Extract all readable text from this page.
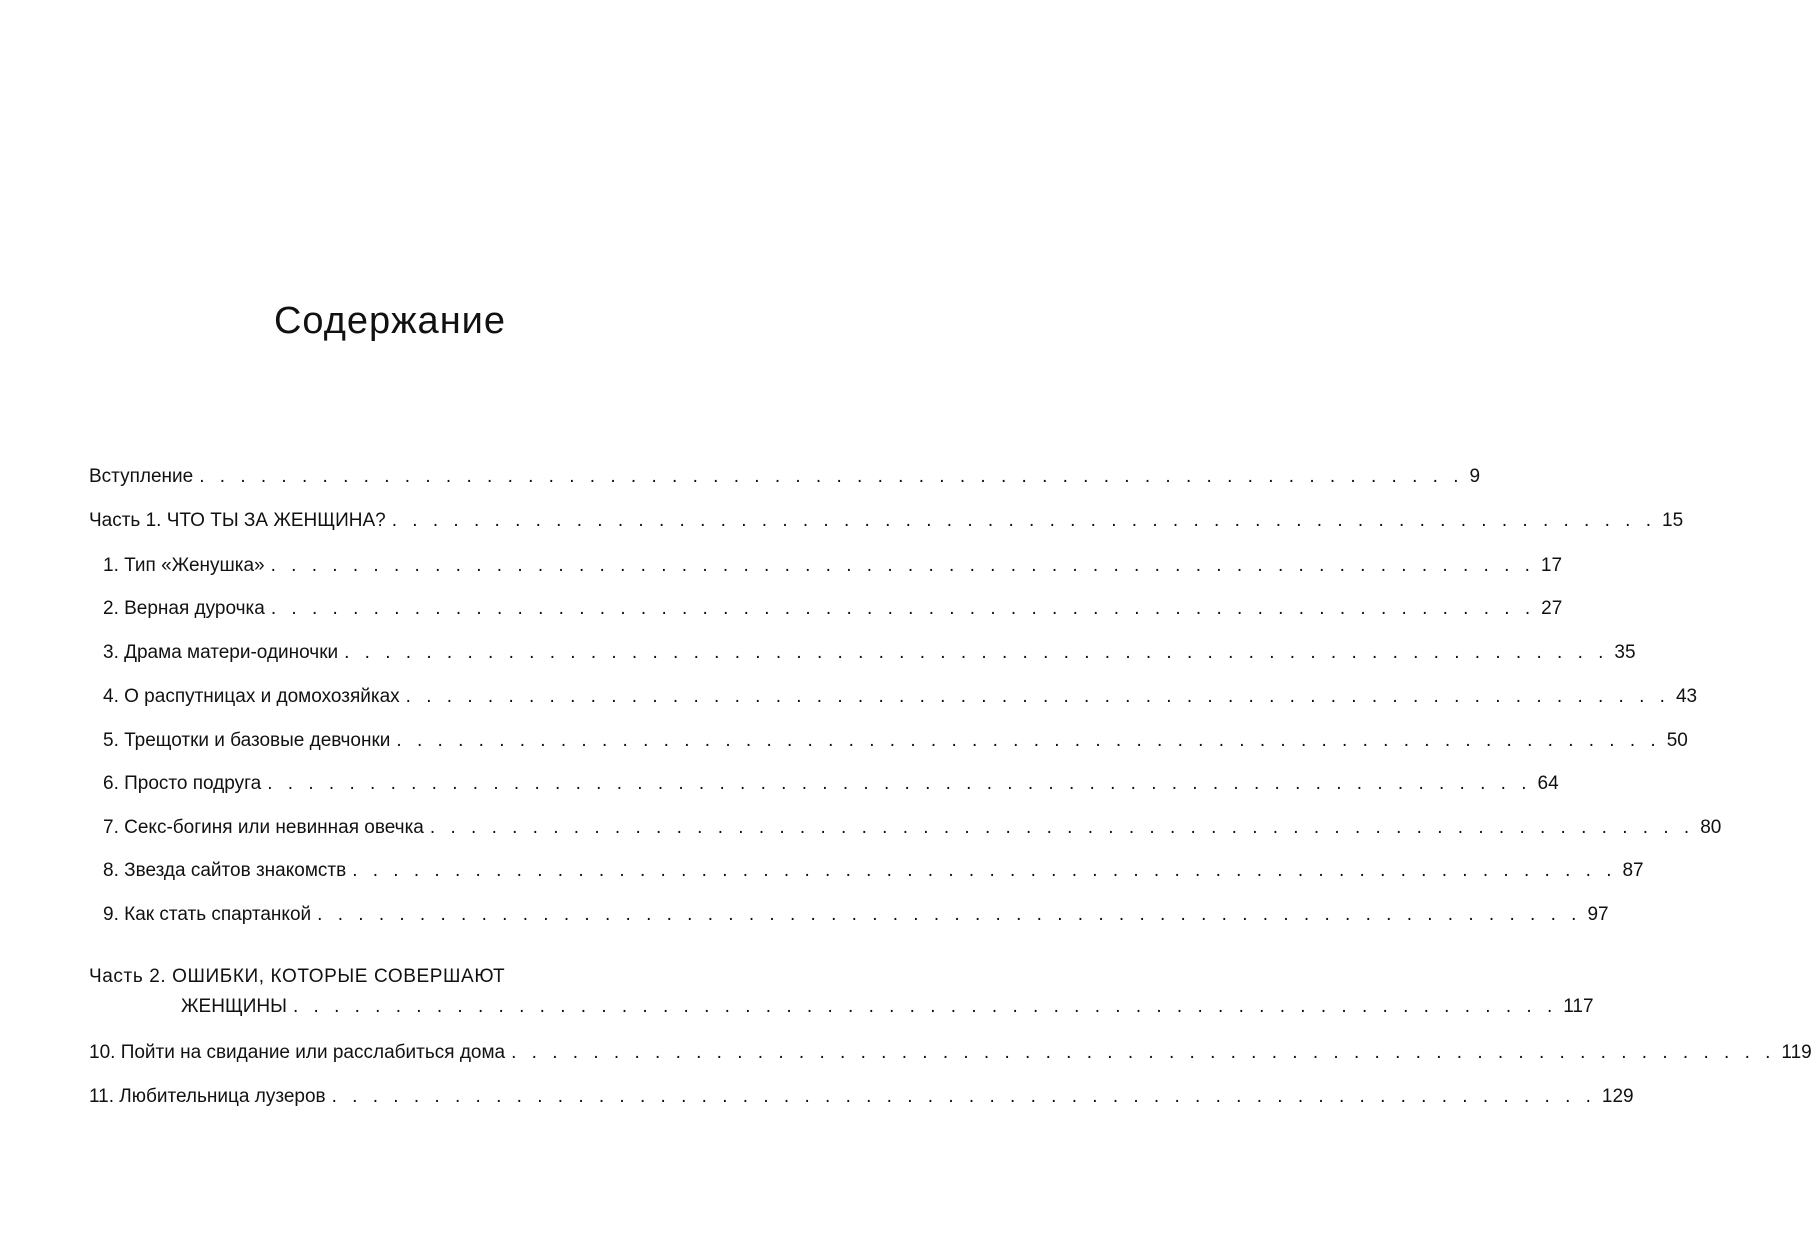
Содержание
Вступление . . . . . . . . . . . . . . . . . . . . . . . . . . . . . . . . . . . . . . . . . . . . . . . . . . . . . . . . . . . . . . 9
Часть 1. ЧТО ТЫ ЗА ЖЕНЩИНА? . . . . . . . . . . . . . . . . . . . . . . . . . . . . . . . . . . . . . . . . . . . . . . . . . . . . . . . . . . . . . . 15
1. Тип «Женушка» . . . . . . . . . . . . . . . . . . . . . . . . . . . . . . . . . . . . . . . . . . . . . . . . . . . . . . . . . . . . . . 17
2. Верная дурочка . . . . . . . . . . . . . . . . . . . . . . . . . . . . . . . . . . . . . . . . . . . . . . . . . . . . . . . . . . . . . . 27
3. Драма матери-одиночки . . . . . . . . . . . . . . . . . . . . . . . . . . . . . . . . . . . . . . . . . . . . . . . . . . . . . . . . . . . . . . 35
4. О распутницах и домохозяйках . . . . . . . . . . . . . . . . . . . . . . . . . . . . . . . . . . . . . . . . . . . . . . . . . . . . . . . . . . . . . . 43
5. Трещотки и базовые девчонки . . . . . . . . . . . . . . . . . . . . . . . . . . . . . . . . . . . . . . . . . . . . . . . . . . . . . . . . . . . . . . 50
6. Просто подруга . . . . . . . . . . . . . . . . . . . . . . . . . . . . . . . . . . . . . . . . . . . . . . . . . . . . . . . . . . . . . . 64
7. Секс-богиня или невинная овечка . . . . . . . . . . . . . . . . . . . . . . . . . . . . . . . . . . . . . . . . . . . . . . . . . . . . . . . . . . . . . . 80
8. Звезда сайтов знакомств . . . . . . . . . . . . . . . . . . . . . . . . . . . . . . . . . . . . . . . . . . . . . . . . . . . . . . . . . . . . . . 87
9. Как стать спартанкой . . . . . . . . . . . . . . . . . . . . . . . . . . . . . . . . . . . . . . . . . . . . . . . . . . . . . . . . . . . . . . 97
Часть 2. ОШИБКИ, КОТОРЫЕ СОВЕРШАЮТ
ЖЕНЩИНЫ . . . . . . . . . . . . . . . . . . . . . . . . . . . . . . . . . . . . . . . . . . . . . . . . . . . . . . . . . . . . . . 117
10. Пойти на свидание или расслабиться дома . . . . . . . . . . . . . . . . . . . . . . . . . . . . . . . . . . . . . . . . . . . . . . . . . . . . . . . . . . . . . . 119
11. Любительница лузеров . . . . . . . . . . . . . . . . . . . . . . . . . . . . . . . . . . . . . . . . . . . . . . . . . . . . . . . . . . . . . . 129
